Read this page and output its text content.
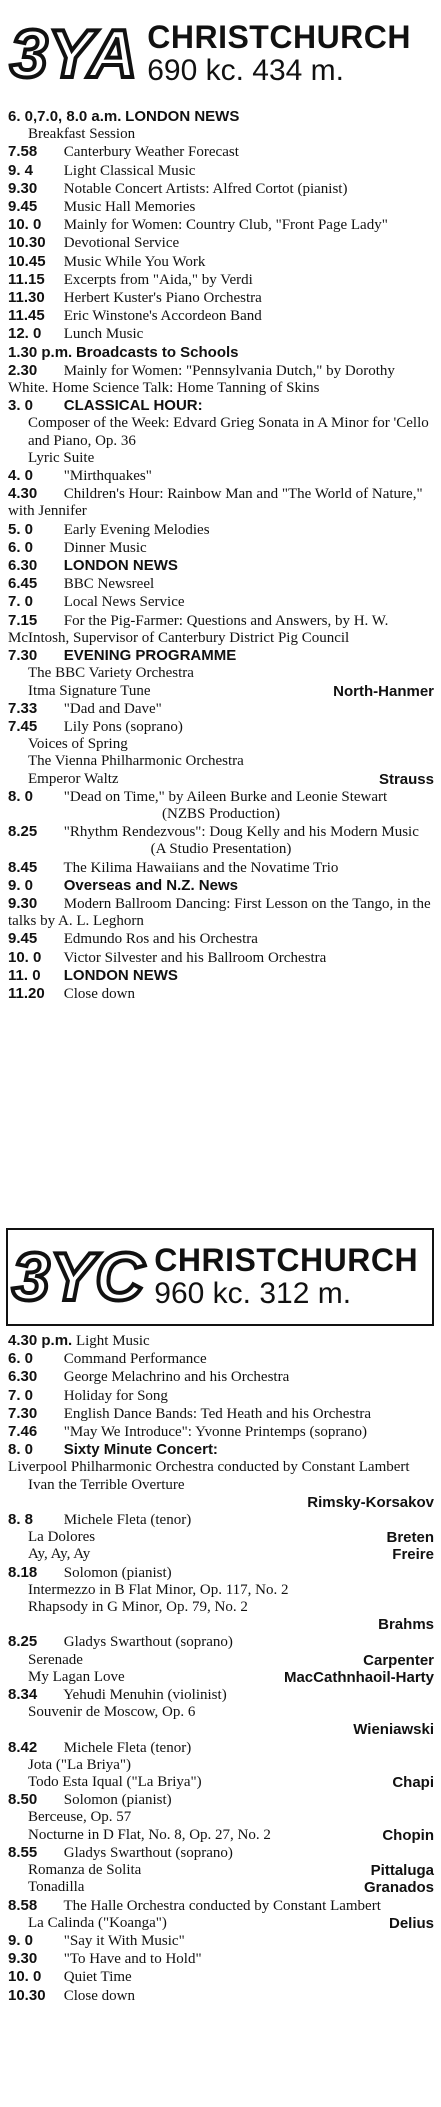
3YA CHRISTCHURCH
690 kc. 434 m.
6. 0,7.0, 8.0 a.m. LONDON NEWS
Breakfast Session
7.58 Canterbury Weather Forecast
9. 4 Light Classical Music
9.30 Notable Concert Artists: Alfred Cortot (pianist)
9.45 Music Hall Memories
10. 0 Mainly for Women: Country Club, "Front Page Lady"
10.30 Devotional Service
10.45 Music While You Work
11.15 Excerpts from "Aida," by Verdi
11.30 Herbert Kuster's Piano Orchestra
11.45 Eric Winstone's Accordeon Band
12. 0 Lunch Music
1.30 p.m. Broadcasts to Schools
2.30 Mainly for Women: "Pennsylvania Dutch," by Dorothy White. Home Science Talk: Home Tanning of Skins
3. 0 CLASSICAL HOUR:
Composer of the Week: Edvard Grieg Sonata in A Minor for 'Cello and Piano, Op. 36
Lyric Suite
4. 0 "Mirthquakes"
4.30 Children's Hour: Rainbow Man and "The World of Nature," with Jennifer
5. 0 Early Evening Melodies
6. 0 Dinner Music
6.30 LONDON NEWS
6.45 BBC Newsreel
7. 0 Local News Service
7.15 For the Pig-Farmer: Questions and Answers, by H. W. McIntosh, Supervisor of Canterbury District Pig Council
7.30 EVENING PROGRAMME
The BBC Variety Orchestra
Itma Signature Tune	North-Hanmer
7.33 "Dad and Dave"
7.45 Lily Pons (soprano)
Voices of Spring
The Vienna Philharmonic Orchestra
Emperor Waltz	Strauss
8. 0 "Dead on Time," by Aileen Burke and Leonie Stewart
(NZBS Production)
8.25 "Rhythm Rendezvous": Doug Kelly and his Modern Music
(A Studio Presentation)
8.45 The Kilima Hawaiians and the Novatime Trio
9. 0 Overseas and N.Z. News
9.30 Modern Ballroom Dancing: First Lesson on the Tango, in the talks by A. L. Leghorn
9.45 Edmundo Ros and his Orchestra
10. 0 Victor Silvester and his Ballroom Orchestra
11. 0 LONDON NEWS
11.20 Close down
3YC CHRISTCHURCH
960 kc. 312 m.
4.30 p.m. Light Music
6. 0 Command Performance
6.30 George Melachrino and his Orchestra
7. 0 Holiday for Song
7.30 English Dance Bands: Ted Heath and his Orchestra
7.46 "May We Introduce": Yvonne Printemps (soprano)
8. 0 Sixty Minute Concert:
Liverpool Philharmonic Orchestra conducted by Constant Lambert
Ivan the Terrible Overture
Rimsky-Korsakov
8. 8 Michele Fleta (tenor)
La Dolores	Breten
Ay, Ay, Ay	Freire
8.18 Solomon (pianist)
Intermezzo in B Flat Minor, Op. 117, No. 2
Rhapsody in G Minor, Op. 79, No. 2
Brahms
8.25 Gladys Swarthout (soprano)
Serenade	Carpenter
My Lagan Love	MacCathnhaoil-Harty
8.34 Yehudi Menuhin (violinist)
Souvenir de Moscow, Op. 6
Wieniawski
8.42 Michele Fleta (tenor)
Jota ("La Briya")
Todo Esta Iqual ("La Briya")	Chapi
8.50 Solomon (pianist)
Berceuse, Op. 57
Nocturne in D Flat, No. 8, Op. 27, No. 2	Chopin
8.55 Gladys Swarthout (soprano)
Romanza de Solita	Pittaluga
Tonadilla	Granados
8.58 The Halle Orchestra conducted by Constant Lambert
La Calinda ("Koanga")	Delius
9. 0 "Say it With Music"
9.30 "To Have and to Hold"
10. 0 Quiet Time
10.30 Close down
